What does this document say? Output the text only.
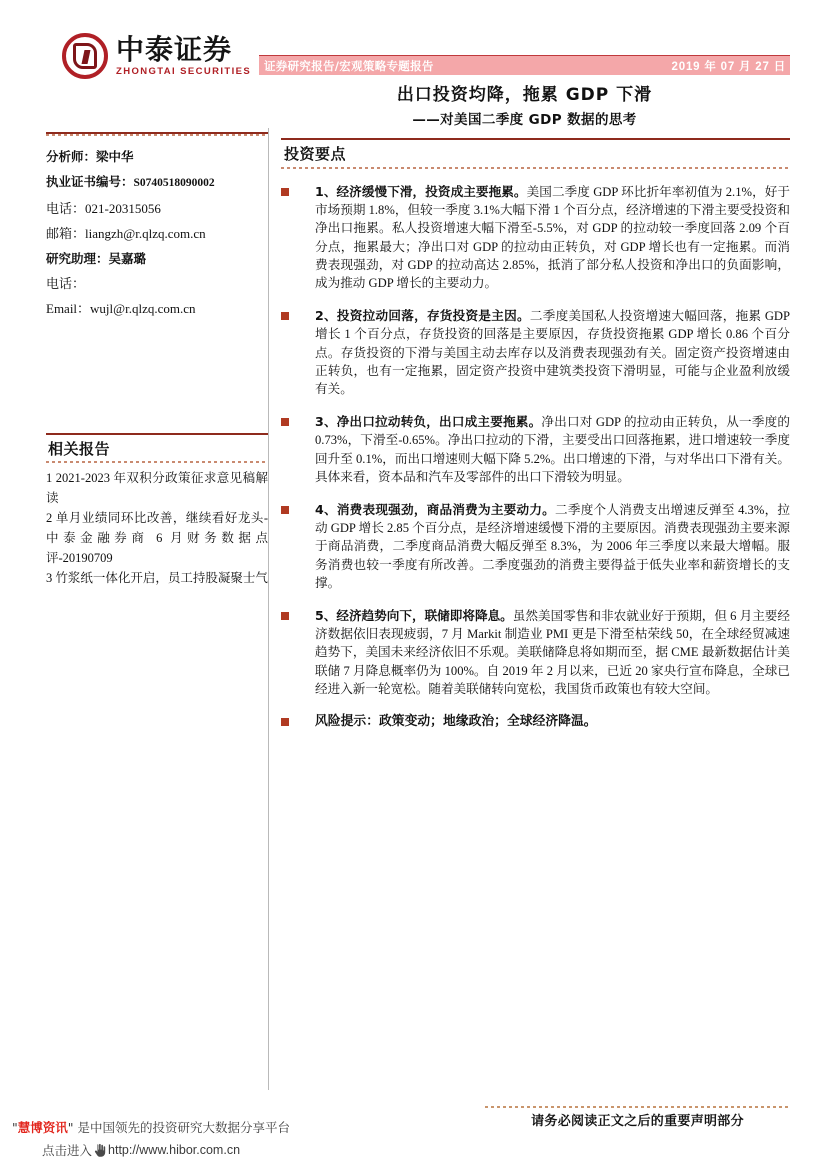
中泰证券
ZHONGTAI SECURITIES 证券研究报告/宏观策略专题报告	2019 年 07 月 27 日
出口投资均降，拖累 GDP 下滑
——对美国二季度 GDP 数据的思考
分析师：梁中华
执业证书编号：S0740518090002
电话：021-20315056
邮箱：liangzh@r.qlzq.com.cn
研究助理：吴嘉璐
电话：
Email：wujl@r.qlzq.com.cn
相关报告
1 2021-2023 年双积分政策征求意见稿解读
2 单月业绩同环比改善，继续看好龙头-中泰金融券商 6 月财务数据点评-20190709
3 竹浆纸一体化开启，员工持股凝聚士气
投资要点
1、经济缓慢下滑，投资成主要拖累。美国二季度 GDP 环比折年率初值为 2.1%，好于市场预期 1.8%，但较一季度 3.1%大幅下滑 1 个百分点，经济增速的下滑主要受投资和净出口拖累。私人投资增速大幅下滑至-5.5%，对 GDP 的拉动较一季度回落 2.09 个百分点，拖累最大；净出口对 GDP 的拉动由正转负，对 GDP 增长也有一定拖累。而消费表现强劲，对 GDP 的拉动高达 2.85%，抵消了部分私人投资和净出口的负面影响，成为推动 GDP 增长的主要动力。
2、投资拉动回落，存货投资是主因。二季度美国私人投资增速大幅回落，拖累 GDP 增长 1 个百分点，存货投资的回落是主要原因，存货投资拖累 GDP 增长 0.86 个百分点。存货投资的下滑与美国主动去库存以及消费表现强劲有关。固定资产投资增速由正转负，也有一定拖累，固定资产投资中建筑类投资下滑明显，可能与企业盈利放缓有关。
3、净出口拉动转负，出口成主要拖累。净出口对 GDP 的拉动由正转负，从一季度的 0.73%，下滑至-0.65%。净出口拉动的下滑，主要受出口回落拖累，进口增速较一季度回升至 0.1%，而出口增速则大幅下降 5.2%。出口增速的下滑，与对华出口下滑有关。具体来看，资本品和汽车及零部件的出口下滑较为明显。
4、消费表现强劲，商品消费为主要动力。二季度个人消费支出增速反弹至 4.3%，拉动 GDP 增长 2.85 个百分点，是经济增速缓慢下滑的主要原因。消费表现强劲主要来源于商品消费，二季度商品消费大幅反弹至 8.3%，为 2006 年三季度以来最大增幅。服务消费也较一季度有所改善。二季度强劲的消费主要得益于低失业率和薪资增长的支撑。
5、经济趋势向下，联储即将降息。虽然美国零售和非农就业好于预期，但 6 月主要经济数据依旧表现疲弱，7 月 Markit 制造业 PMI 更是下滑至枯荣线 50，在全球经贸减速趋势下，美国未来经济依旧不乐观。美联储降息将如期而至，据 CME 最新数据估计美联储 7 月降息概率仍为 100%。自 2019 年 2 月以来，已近 20 家央行宣布降息，全球已经进入新一轮宽松。随着美联储转向宽松，我国货币政策也有较大空间。
风险提示：政策变动；地缘政治；全球经济降温。
请务必阅读正文之后的重要声明部分
"慧博资讯" 是中国领先的投资研究大数据分享平台
点击进入 http://www.hibor.com.cn
